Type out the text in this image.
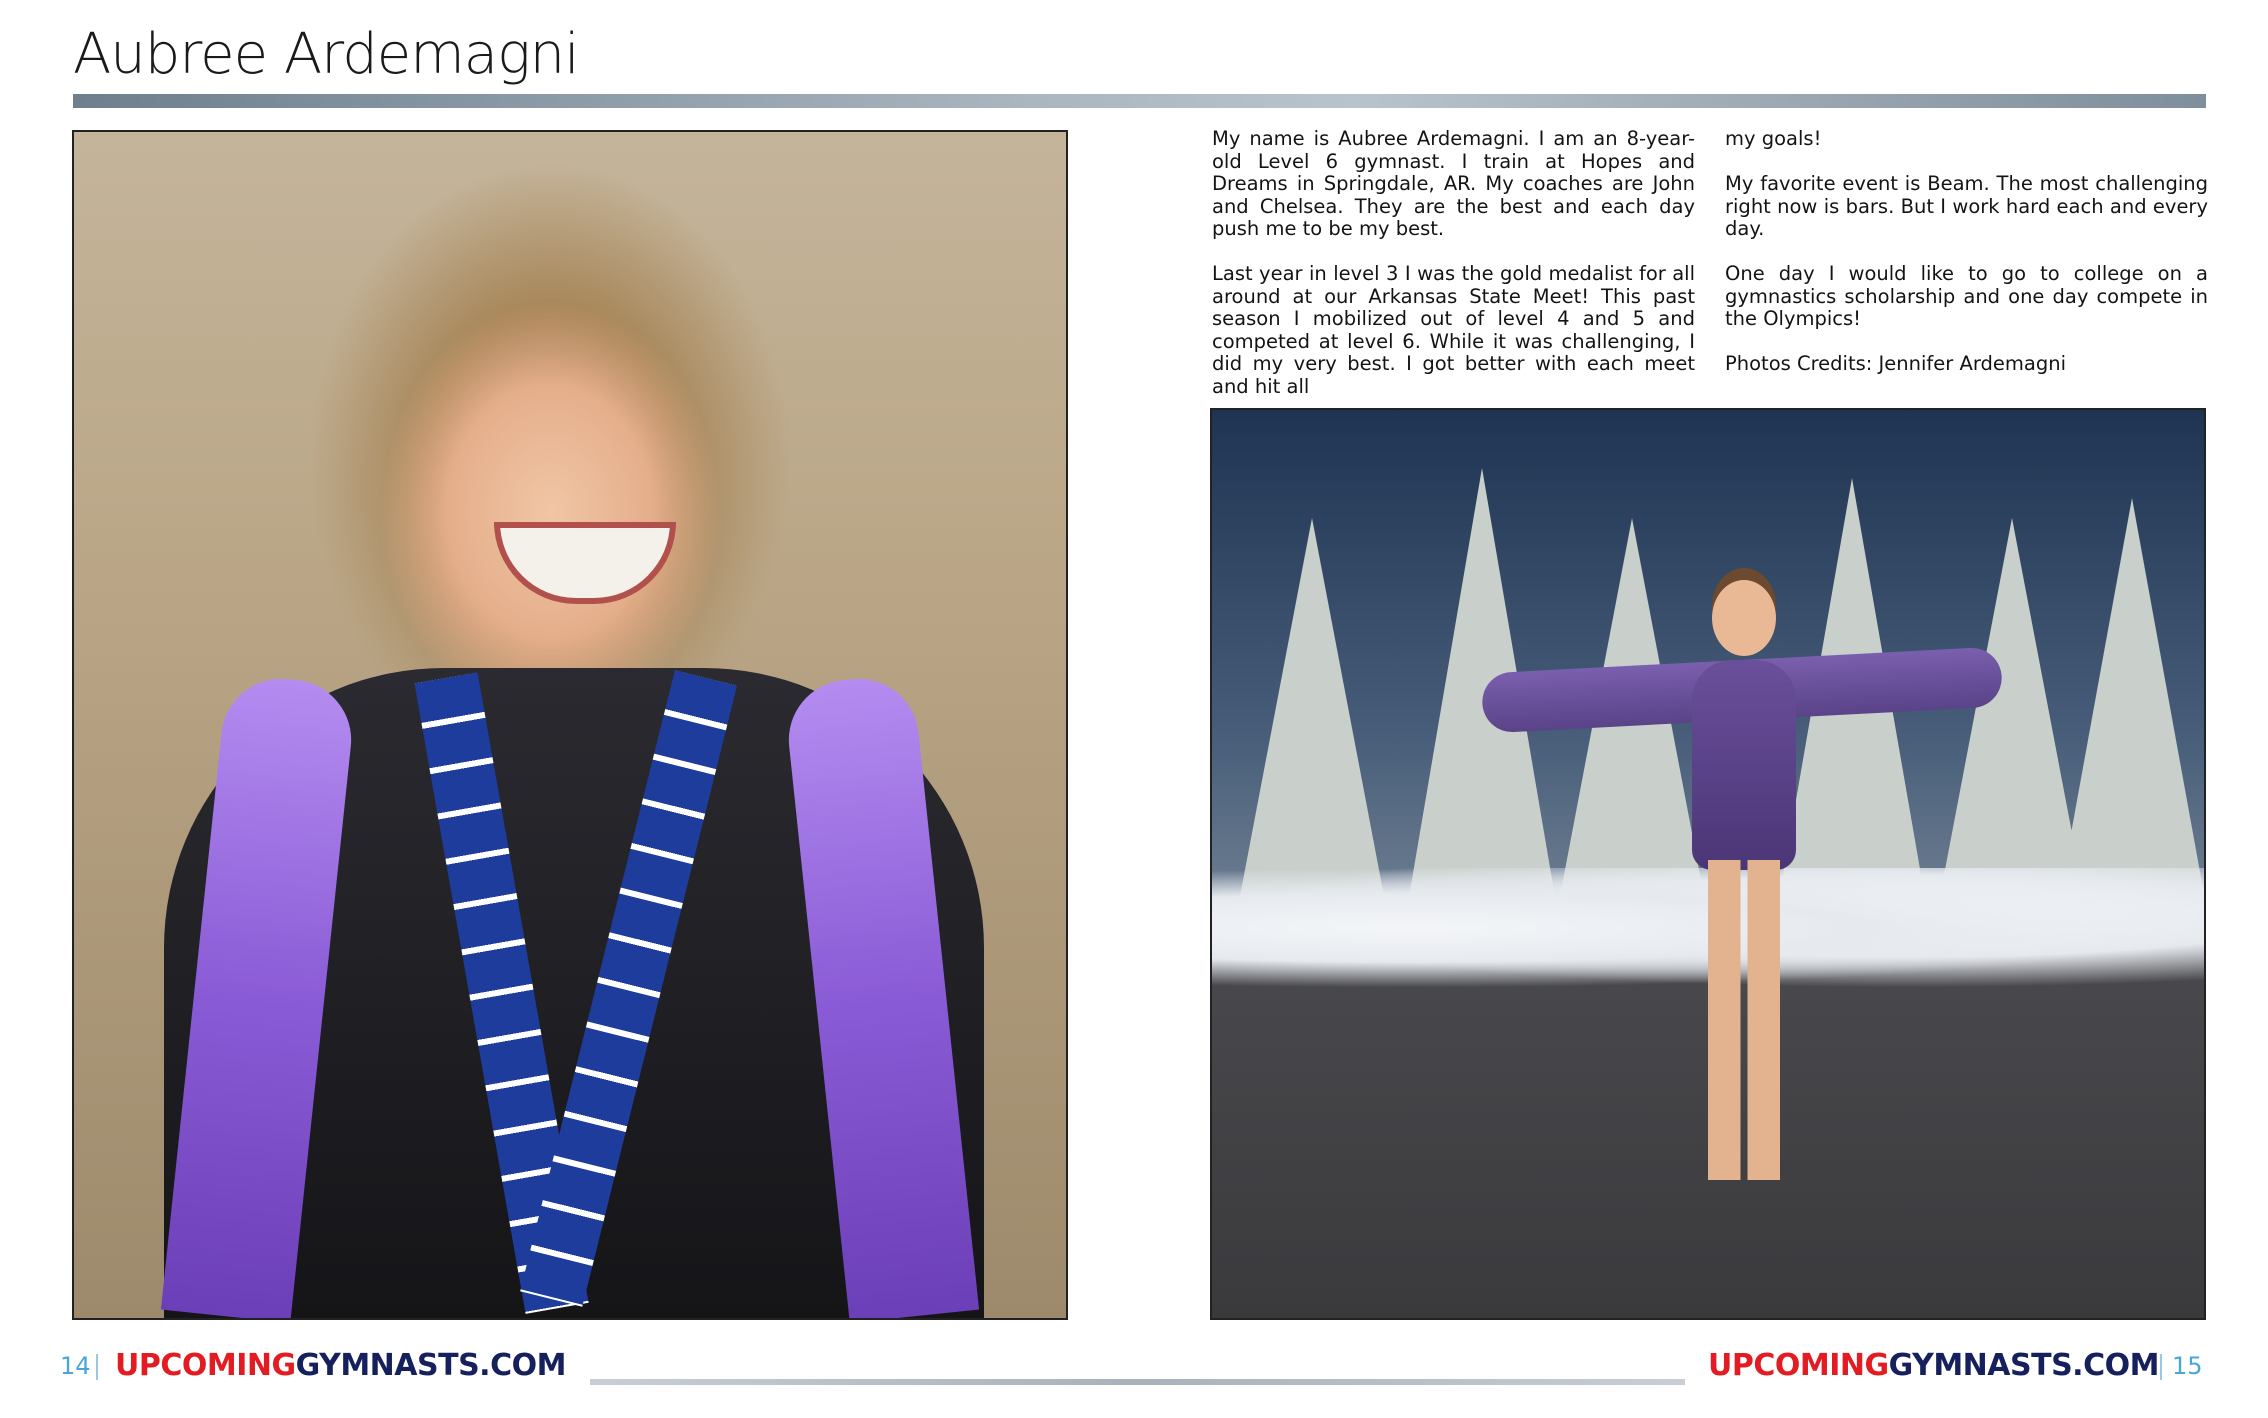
Aubree Ardemagni

My name is Aubree Ardemagni. I am an 8-year-old Level 6 gymnast. I train at Hopes and Dreams in Springdale, AR. My coaches are John and Chelsea. They are the best and each day push me to be my best.

Last year in level 3 I was the gold medalist for all around at our Arkansas State Meet! This past season I mobilized out of level 4 and 5 and competed at level 6. While it was challenging, I did my very best. I got better with each meet and hit all

my goals!

My favorite event is Beam. The most challenging right now is bars. But I work hard each and every day.

One day I would like to go to college on a gymnastics scholarship and one day compete in the Olympics!

Photos Credits: Jennifer Ardemagni

14 UPCOMINGGYMNASTS.COM	UPCOMINGGYMNASTS.COM 15
